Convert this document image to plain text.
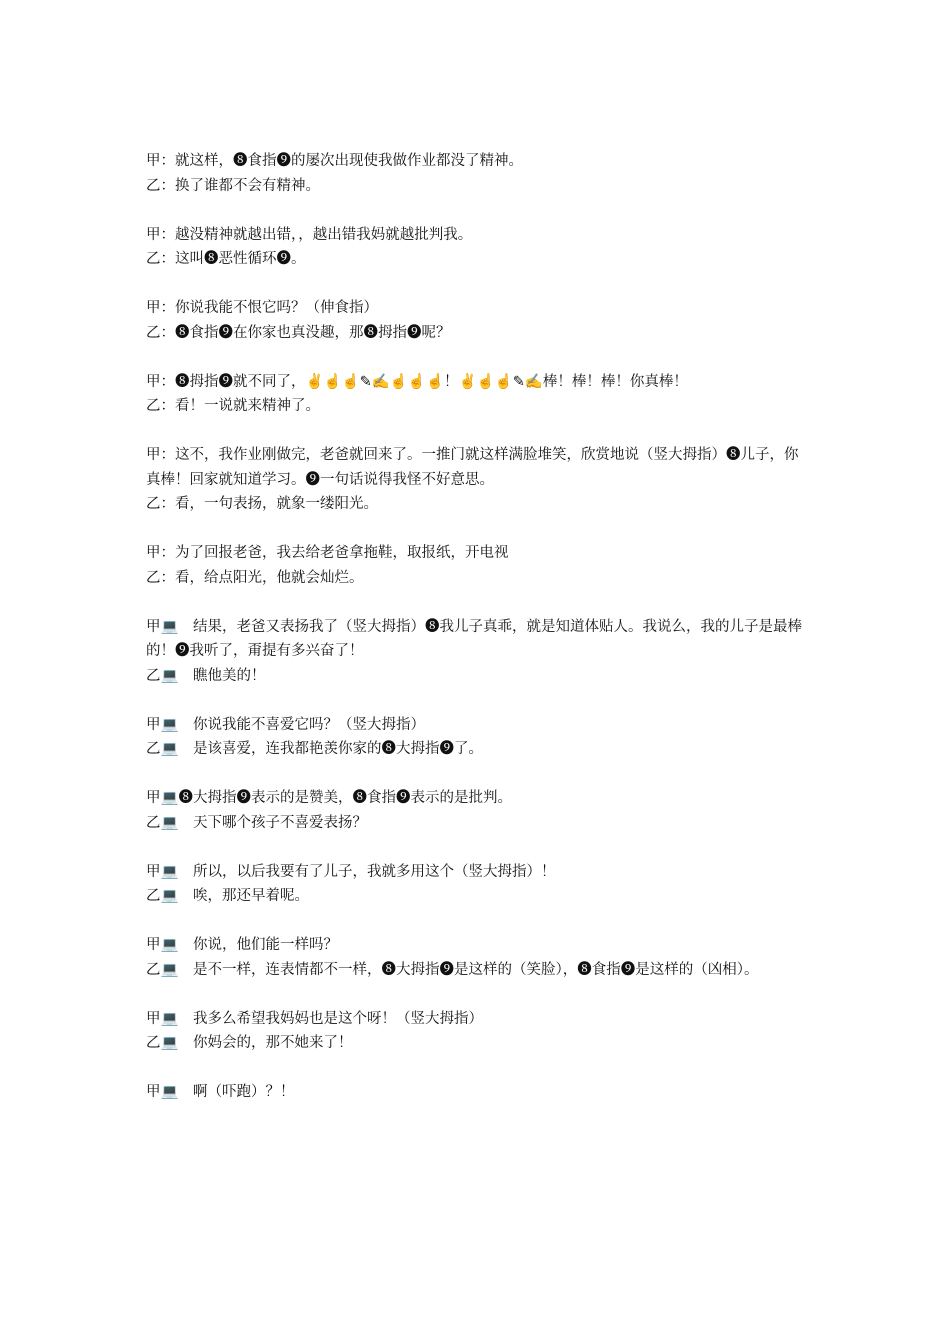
甲：就这样，❽食指❾的屡次出现使我做作业都没了精神。
乙：换了谁都不会有精神。
甲：越没精神就越出错，，越出错我妈就越批判我。
乙：这叫❽恶性循环❾。
甲：你说我能不恨它吗？（伸食指）
乙：❽食指❾在你家也真没趣，那❽拇指❾呢？
甲：❽拇指❾就不同了，✌☝☝✎✍☝☝☝！✌☝☝✎✍棒！棒！棒！你真棒！
乙：看！一说就来精神了。
甲：这不，我作业刚做完，老爸就回来了。一推门就这样满脸堆笑，欣赏地说（竖大拇指）❽儿子，你真棒！回家就知道学习。❾一句话说得我怪不好意思。
乙：看，一句表扬，就象一缕阳光。
甲：为了回报老爸，我去给老爸拿拖鞋，取报纸，开电视
乙：看，给点阳光，他就会灿烂。
甲💻　结果，老爸又表扬我了（竖大拇指）❽我儿子真乖，就是知道体贴人。我说么，我的儿子是最棒的！❾我听了，甭提有多兴奋了！
乙💻　瞧他美的！
甲💻　你说我能不喜爱它吗？（竖大拇指）
乙💻　是该喜爱，连我都艳羡你家的❽大拇指❾了。
甲💻❽大拇指❾表示的是赞美，❽食指❾表示的是批判。
乙💻　天下哪个孩子不喜爱表扬？
甲💻　所以，以后我要有了儿子，我就多用这个（竖大拇指）！
乙💻　唉，那还早着呢。
甲💻　你说，他们能一样吗？
乙💻　是不一样，连表情都不一样，❽大拇指❾是这样的（笑脸），❽食指❾是这样的（凶相）。
甲💻　我多么希望我妈妈也是这个呀！（竖大拇指）
乙💻　你妈会的，那不她来了！
甲💻　啊（吓跑）？！
